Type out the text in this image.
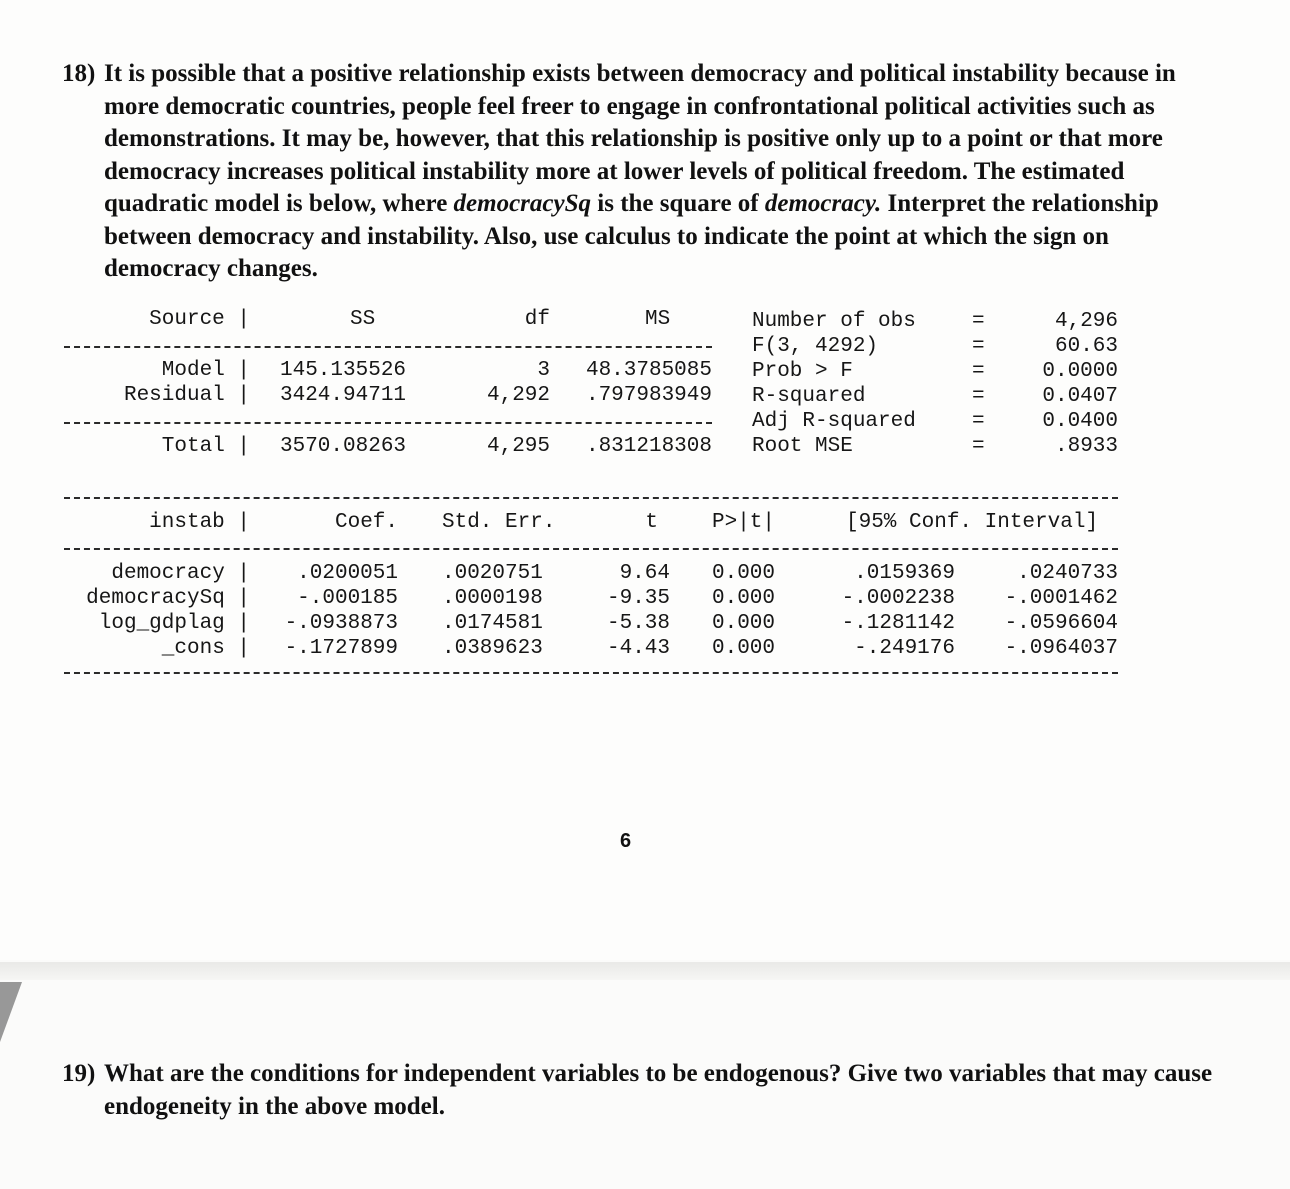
18) It is possible that a positive relationship exists between democracy and political instability because in
more democratic countries, people feel freer to engage in confrontational political activities such as
demonstrations. It may be, however, that this relationship is positive only up to a point or that more
democracy increases political instability more at lower levels of political freedom. The estimated
quadratic model is below, where democracySq is the square of democracy. Interpret the relationship
between democracy and instability. Also, use calculus to indicate the point at which the sign on
democracy changes.
Source |	SS	df	MS
Model | 145.135526	3	48.3785085
Residual | 3424.94711	4,292	.797983949
Total | 3570.08263	4,295	.831218308
Number of obs	=	4,296
F(3, 4292)	=	60.63
Prob > F	=	0.0000
R-squared	=	0.0407
Adj R-squared	=	0.0400
Root MSE	=	.8933
instab |	Coef. Std. Err.	t	P>|t|	[95% Conf. Interval]
democracy |	.0200051 .0020751	9.64 0.000	.0159369	.0240733
democracySq |	-.000185 .0000198	-9.35 0.000	-.0002238	-.0001462
log_gdplag |	-.0938873 .0174581	-5.38 0.000	-.1281142	-.0596604
_cons |	-.1727899 .0389623	-4.43 0.000	-.249176	-.0964037
6
19) What are the conditions for independent variables to be endogenous? Give two variables that may cause
endogeneity in the above model.
